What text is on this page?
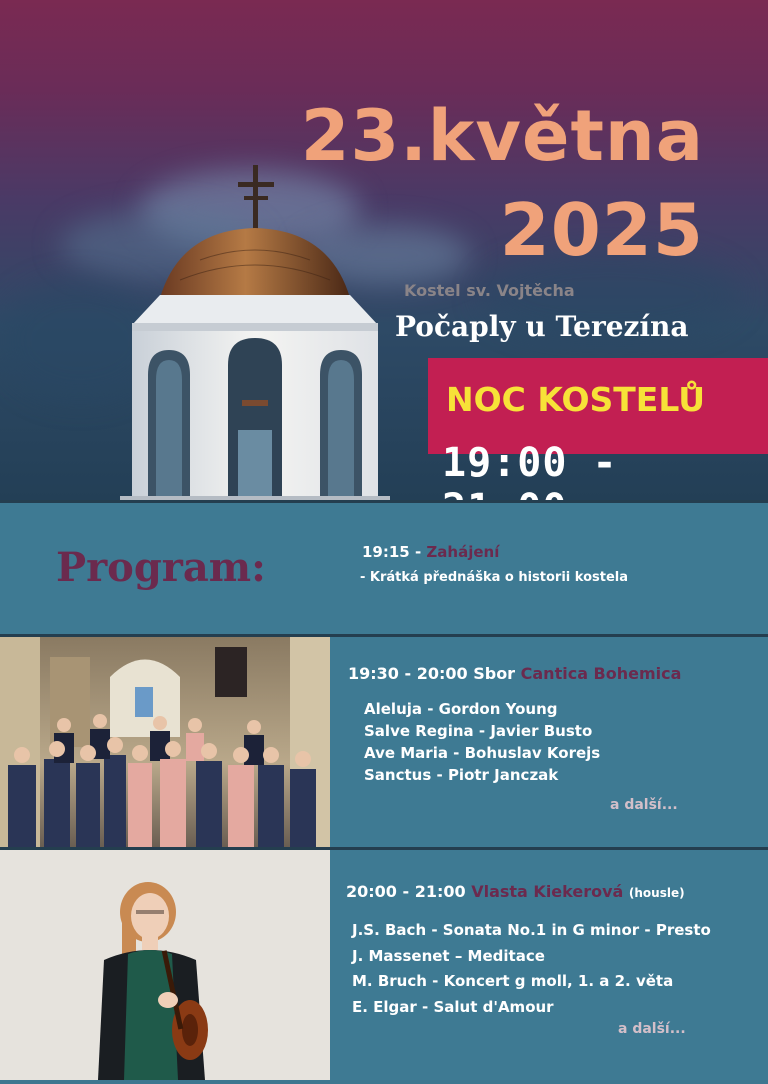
23.května
2025
Kostel sv. Vojtěcha
Počaply u Terezína
NOC KOSTELŮ
19:00 -
Program:	19:15 - Zahájení
- Krátká přednáška o historii kostela
19:30 - 20:00 Sbor Cantica Bohemica
Aleluja - Gordon Young
Salve Regina - Javier Busto
Ave Maria - Bohuslav Korejs
Sanctus - Piotr Janczak
a další...
20:00 - 21:00 Vlasta Kiekerová (housle)
J.S. Bach - Sonata No.1 in G minor - Presto
J. Massenet – Meditace
M. Bruch - Koncert g moll, 1. a 2. věta
E. Elgar - Salut d'Amour
a další...
